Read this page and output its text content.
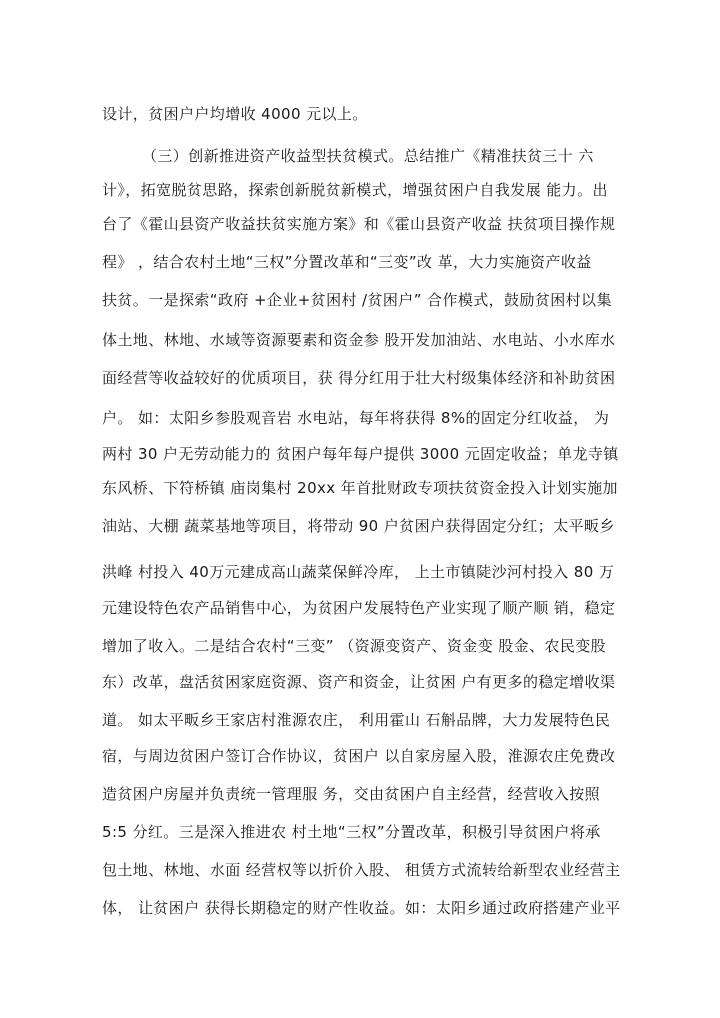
设计，贫困户户均增收 4000 元以上。
（三）创新推进资产收益型扶贫模式。总结推广《精准扶贫三十 六
计》，拓宽脱贫思路，探索创新脱贫新模式，增强贫困户自我发展 能力。出
台了《霍山县资产收益扶贫实施方案》和《霍山县资产收益 扶贫项目操作规
程》 ，结合农村土地“三权”分置改革和“三变”改 革，大力实施资产收益
扶贫。一是探索“政府 +企业+贫困村 /贫困户” 合作模式，鼓励贫困村以集
体土地、林地、水域等资源要素和资金参 股开发加油站、水电站、小水库水
面经营等收益较好的优质项目，获 得分红用于壮大村级集体经济和补助贫困
户。 如：太阳乡参股观音岩 水电站，每年将获得 8%的固定分红收益， 为
两村 30 户无劳动能力的 贫困户每年每户提供 3000 元固定收益；单龙寺镇
东风桥、下符桥镇 庙岗集村 20xx 年首批财政专项扶贫资金投入计划实施加
油站、大棚 蔬菜基地等项目，将带动 90 户贫困户获得固定分红；太平畈乡
洪峰 村投入 40万元建成高山蔬菜保鲜冷库， 上土市镇陡沙河村投入 80 万
元建设特色农产品销售中心，为贫困户发展特色产业实现了顺产顺 销，稳定
增加了收入。二是结合农村“三变” （资源变资产、资金变 股金、农民变股
东）改革，盘活贫困家庭资源、资产和资金，让贫困 户有更多的稳定增收渠
道。 如太平畈乡王家店村淮源农庄， 利用霍山 石斛品牌，大力发展特色民
宿，与周边贫困户签订合作协议，贫困户 以自家房屋入股，淮源农庄免费改
造贫困户房屋并负责统一管理服 务，交由贫困户自主经营，经营收入按照
5:5 分红。三是深入推进农 村土地“三权”分置改革，积极引导贫困户将承
包土地、林地、水面 经营权等以折价入股、 租赁方式流转给新型农业经营主
体， 让贫困户 获得长期稳定的财产性收益。如：太阳乡通过政府搭建产业平
